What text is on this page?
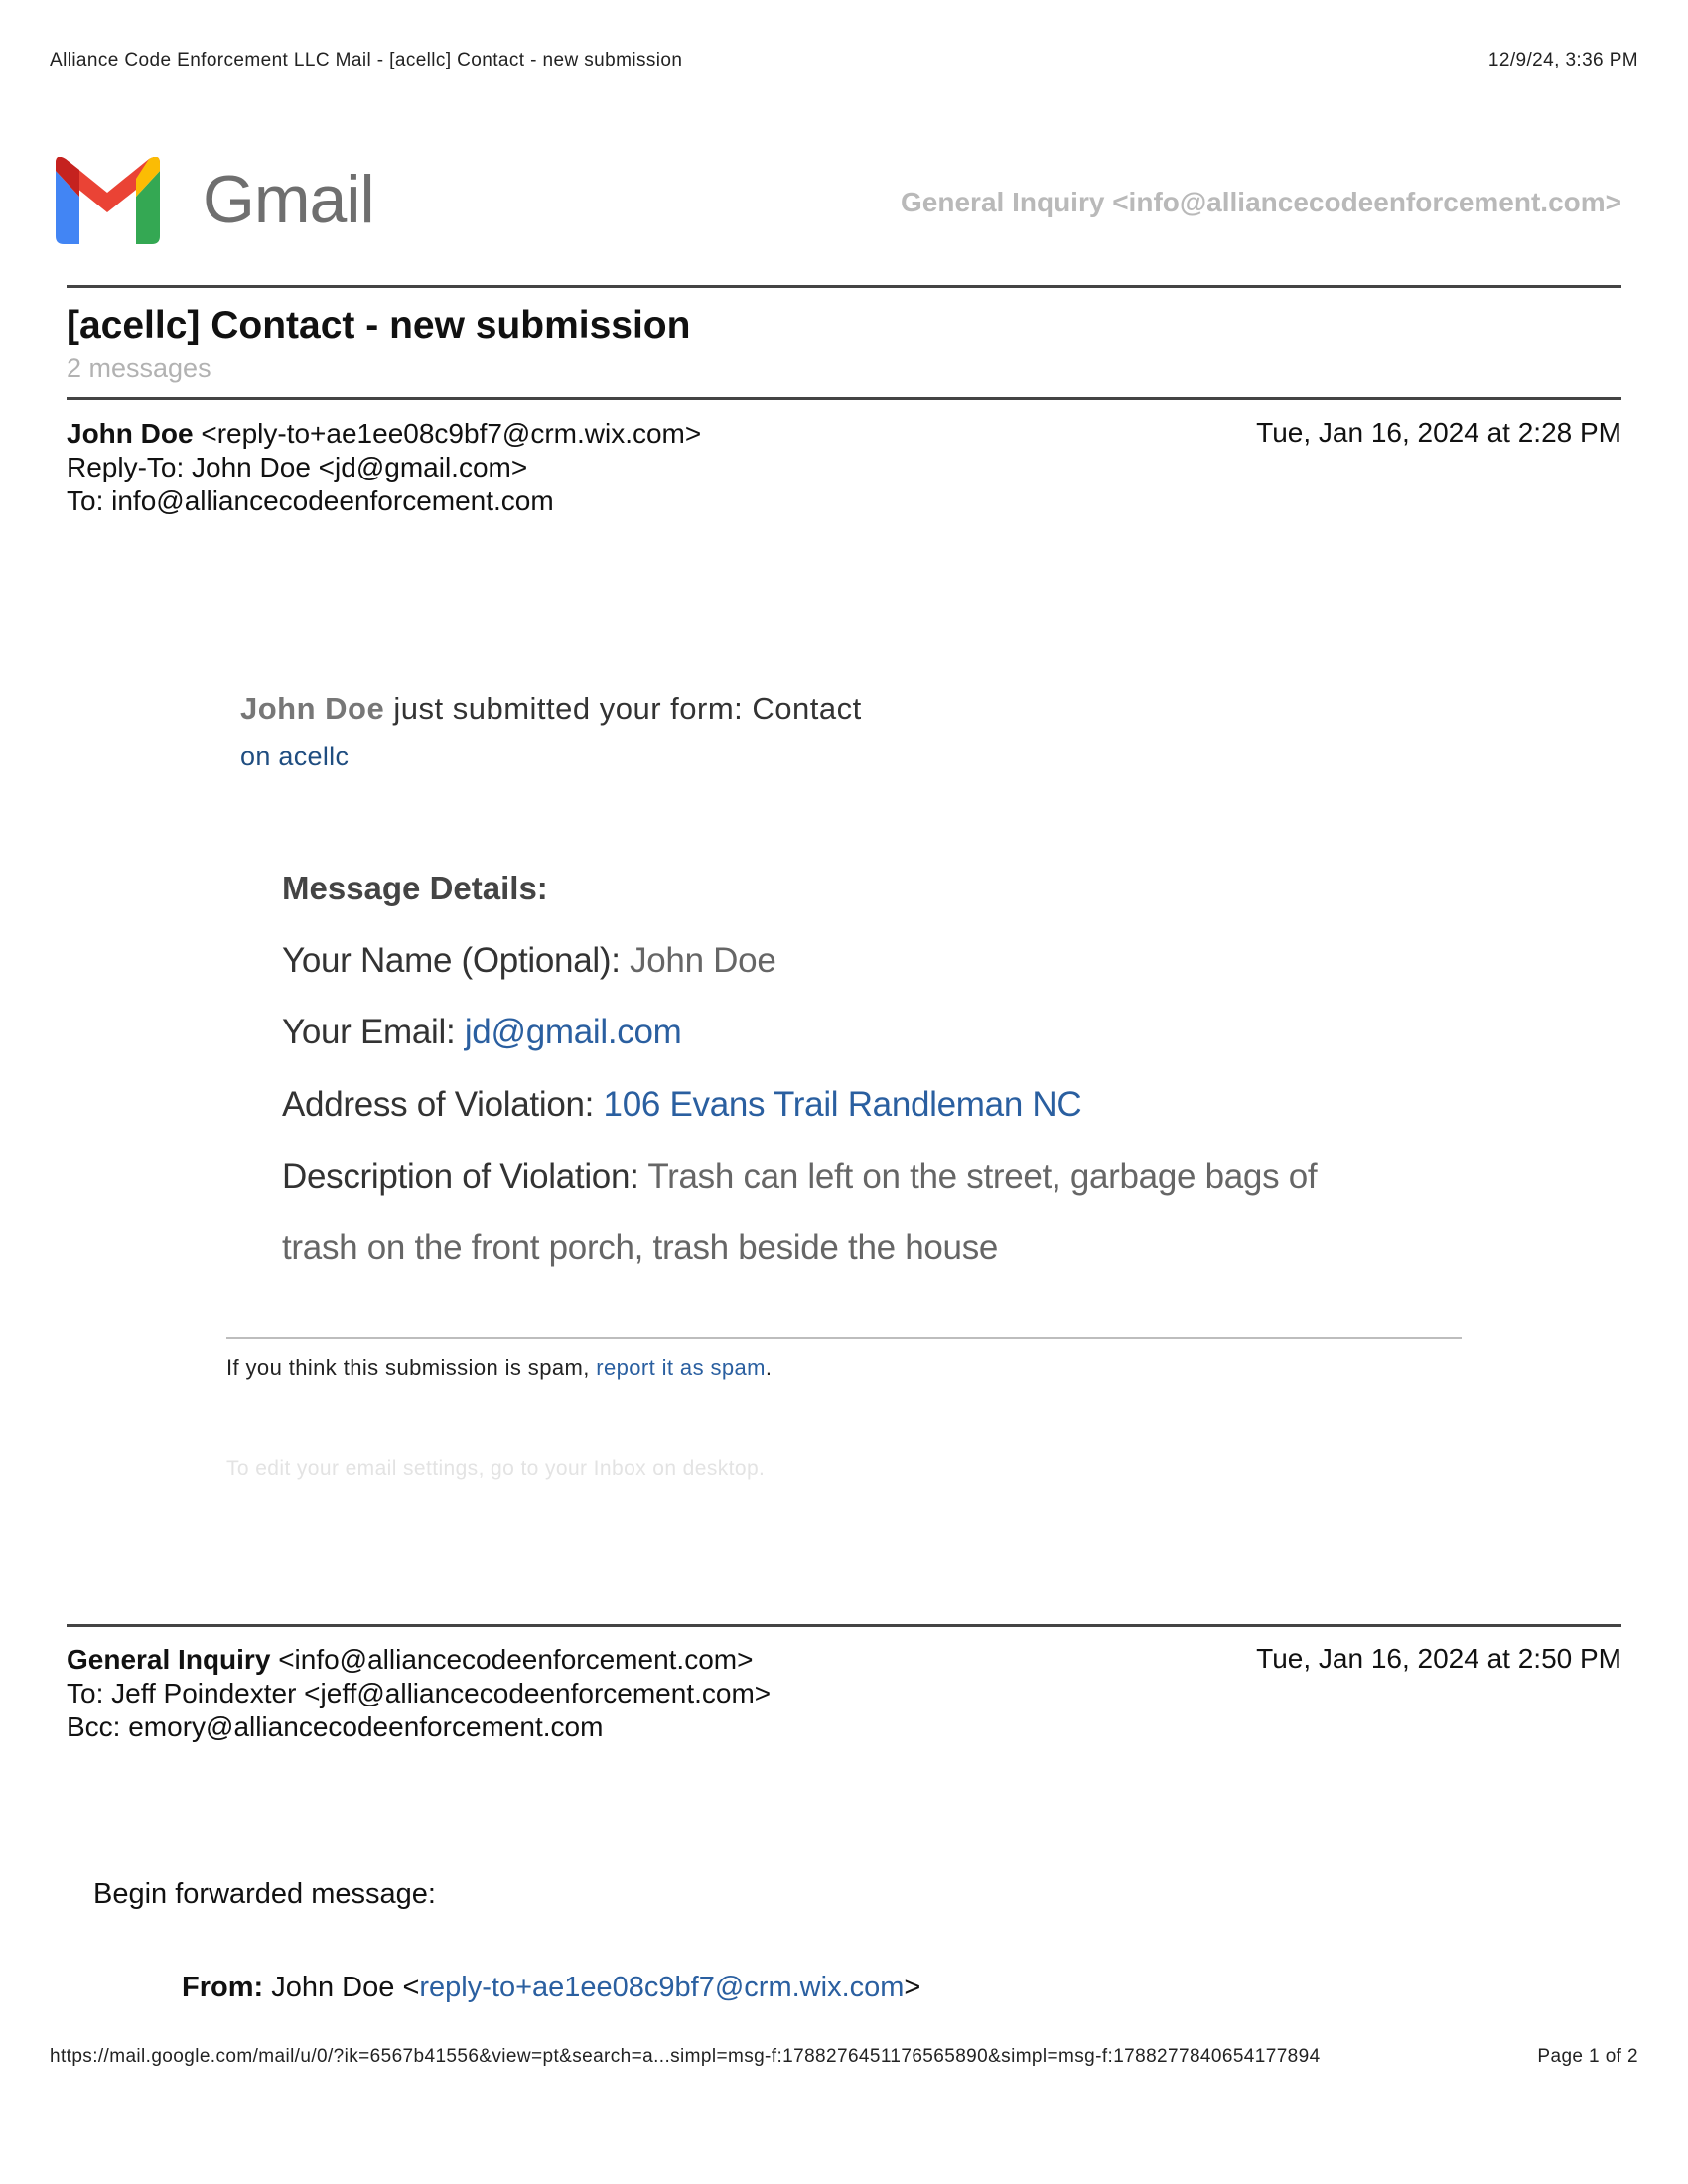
Alliance Code Enforcement LLC Mail - [acellc] Contact - new submission	12/9/24, 3:36 PM
Gmail	General Inquiry <info@alliancecodeenforcement.com>
[acellc] Contact - new submission
2 messages
John Doe <reply-to+ae1ee08c9bf7@crm.wix.com>
Reply-To: John Doe <jd@gmail.com>
To: info@alliancecodeenforcement.com
Tue, Jan 16, 2024 at 2:28 PM
John Doe just submitted your form: Contact
on acellc
Message Details:
Your Name (Optional): John Doe
Your Email: jd@gmail.com
Address of Violation: 106 Evans Trail Randleman NC
Description of Violation: Trash can left on the street, garbage bags of
trash on the front porch, trash beside the house
If you think this submission is spam, report it as spam.
To edit your email settings, go to your Inbox on desktop.
General Inquiry <info@alliancecodeenforcement.com>
To: Jeff Poindexter <jeff@alliancecodeenforcement.com>
Bcc: emory@alliancecodeenforcement.com
Tue, Jan 16, 2024 at 2:50 PM
Begin forwarded message:
From: John Doe <reply-to+ae1ee08c9bf7@crm.wix.com>
https://mail.google.com/mail/u/0/?ik=6567b41556&view=pt&search=a...simpl=msg-f:1788276451176565890&simpl=msg-f:1788277840654177894	Page 1 of 2
